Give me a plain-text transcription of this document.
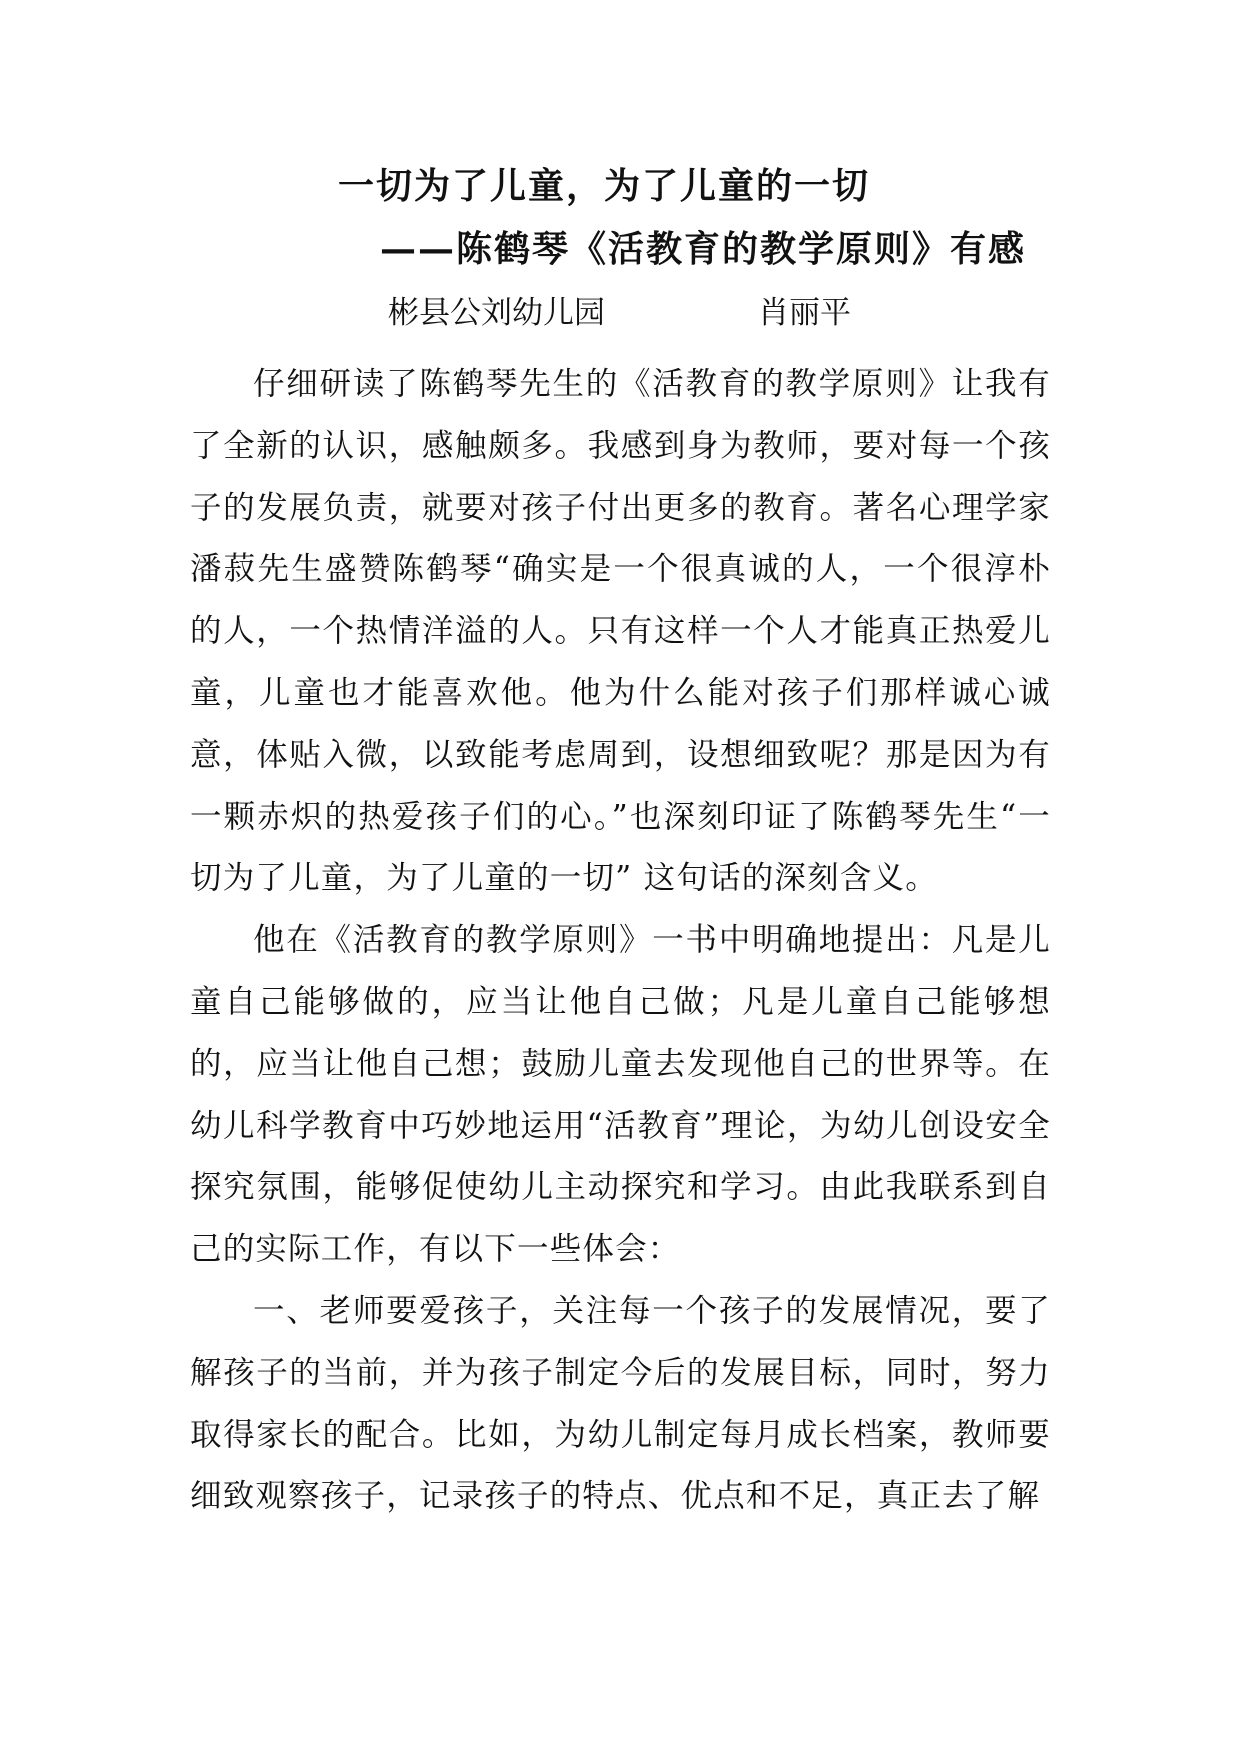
一切为了儿童，为了儿童的一切
——陈鹤琴《活教育的教学原则》有感
彬县公刘幼儿园	肖丽平

仔细研读了陈鹤琴先生的《活教育的教学原则》让我有了全新的认识，感触颇多。我感到身为教师，要对每一个孩子的发展负责，就要对孩子付出更多的教育。著名心理学家潘菽先生盛赞陈鹤琴“确实是一个很真诚的人，一个很淳朴的人，一个热情洋溢的人。只有这样一个人才能真正热爱儿童，儿童也才能喜欢他。他为什么能对孩子们那样诚心诚意，体贴入微，以致能考虑周到，设想细致呢？那是因为有一颗赤炽的热爱孩子们的心。”也深刻印证了陈鹤琴先生“一切为了儿童，为了儿童的一切” 这句话的深刻含义。

他在《活教育的教学原则》一书中明确地提出：凡是儿童自己能够做的，应当让他自己做；凡是儿童自己能够想的，应当让他自己想；鼓励儿童去发现他自己的世界等。在幼儿科学教育中巧妙地运用“活教育”理论，为幼儿创设安全探究氛围，能够促使幼儿主动探究和学习。由此我联系到自己的实际工作，有以下一些体会：

一、老师要爱孩子，关注每一个孩子的发展情况，要了解孩子的当前，并为孩子制定今后的发展目标，同时，努力取得家长的配合。比如，为幼儿制定每月成长档案，教师要细致观察孩子，记录孩子的特点、优点和不足，真正去了解
